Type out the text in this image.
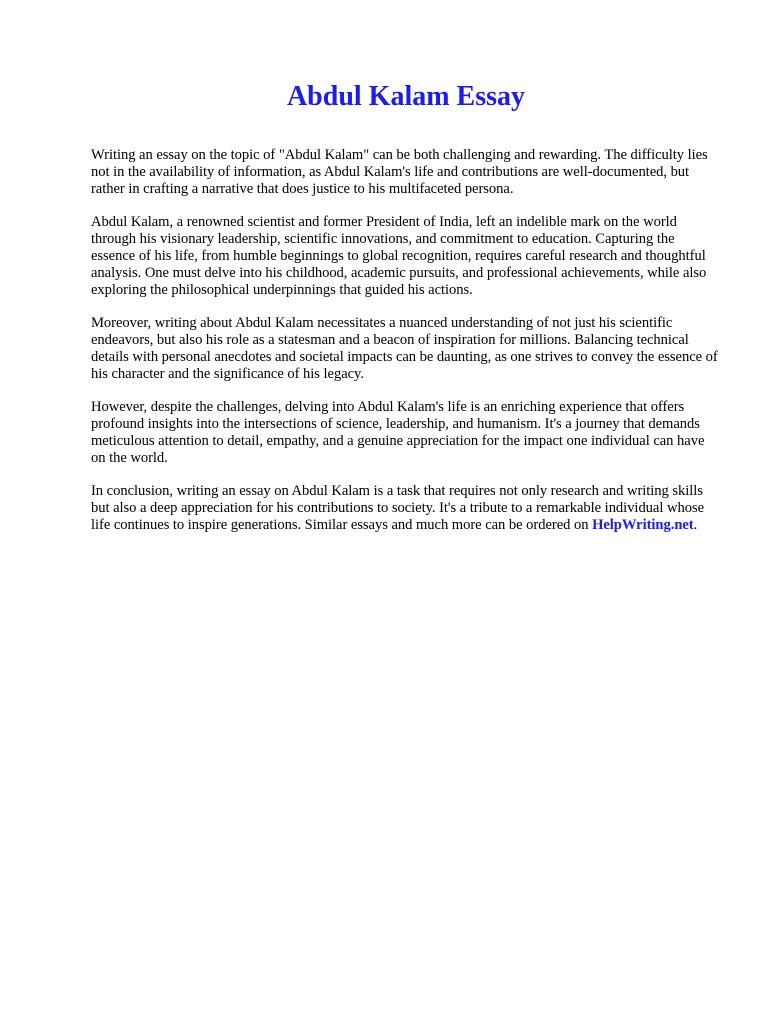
Abdul Kalam Essay

Writing an essay on the topic of "Abdul Kalam" can be both challenging and rewarding. The difficulty lies not in the availability of information, as Abdul Kalam's life and contributions are well-documented, but rather in crafting a narrative that does justice to his multifaceted persona.

Abdul Kalam, a renowned scientist and former President of India, left an indelible mark on the world through his visionary leadership, scientific innovations, and commitment to education. Capturing the essence of his life, from humble beginnings to global recognition, requires careful research and thoughtful analysis. One must delve into his childhood, academic pursuits, and professional achievements, while also exploring the philosophical underpinnings that guided his actions.

Moreover, writing about Abdul Kalam necessitates a nuanced understanding of not just his scientific endeavors, but also his role as a statesman and a beacon of inspiration for millions. Balancing technical details with personal anecdotes and societal impacts can be daunting, as one strives to convey the essence of his character and the significance of his legacy.

However, despite the challenges, delving into Abdul Kalam's life is an enriching experience that offers profound insights into the intersections of science, leadership, and humanism. It's a journey that demands meticulous attention to detail, empathy, and a genuine appreciation for the impact one individual can have on the world.

In conclusion, writing an essay on Abdul Kalam is a task that requires not only research and writing skills but also a deep appreciation for his contributions to society. It's a tribute to a remarkable individual whose life continues to inspire generations. Similar essays and much more can be ordered on HelpWriting.net.
